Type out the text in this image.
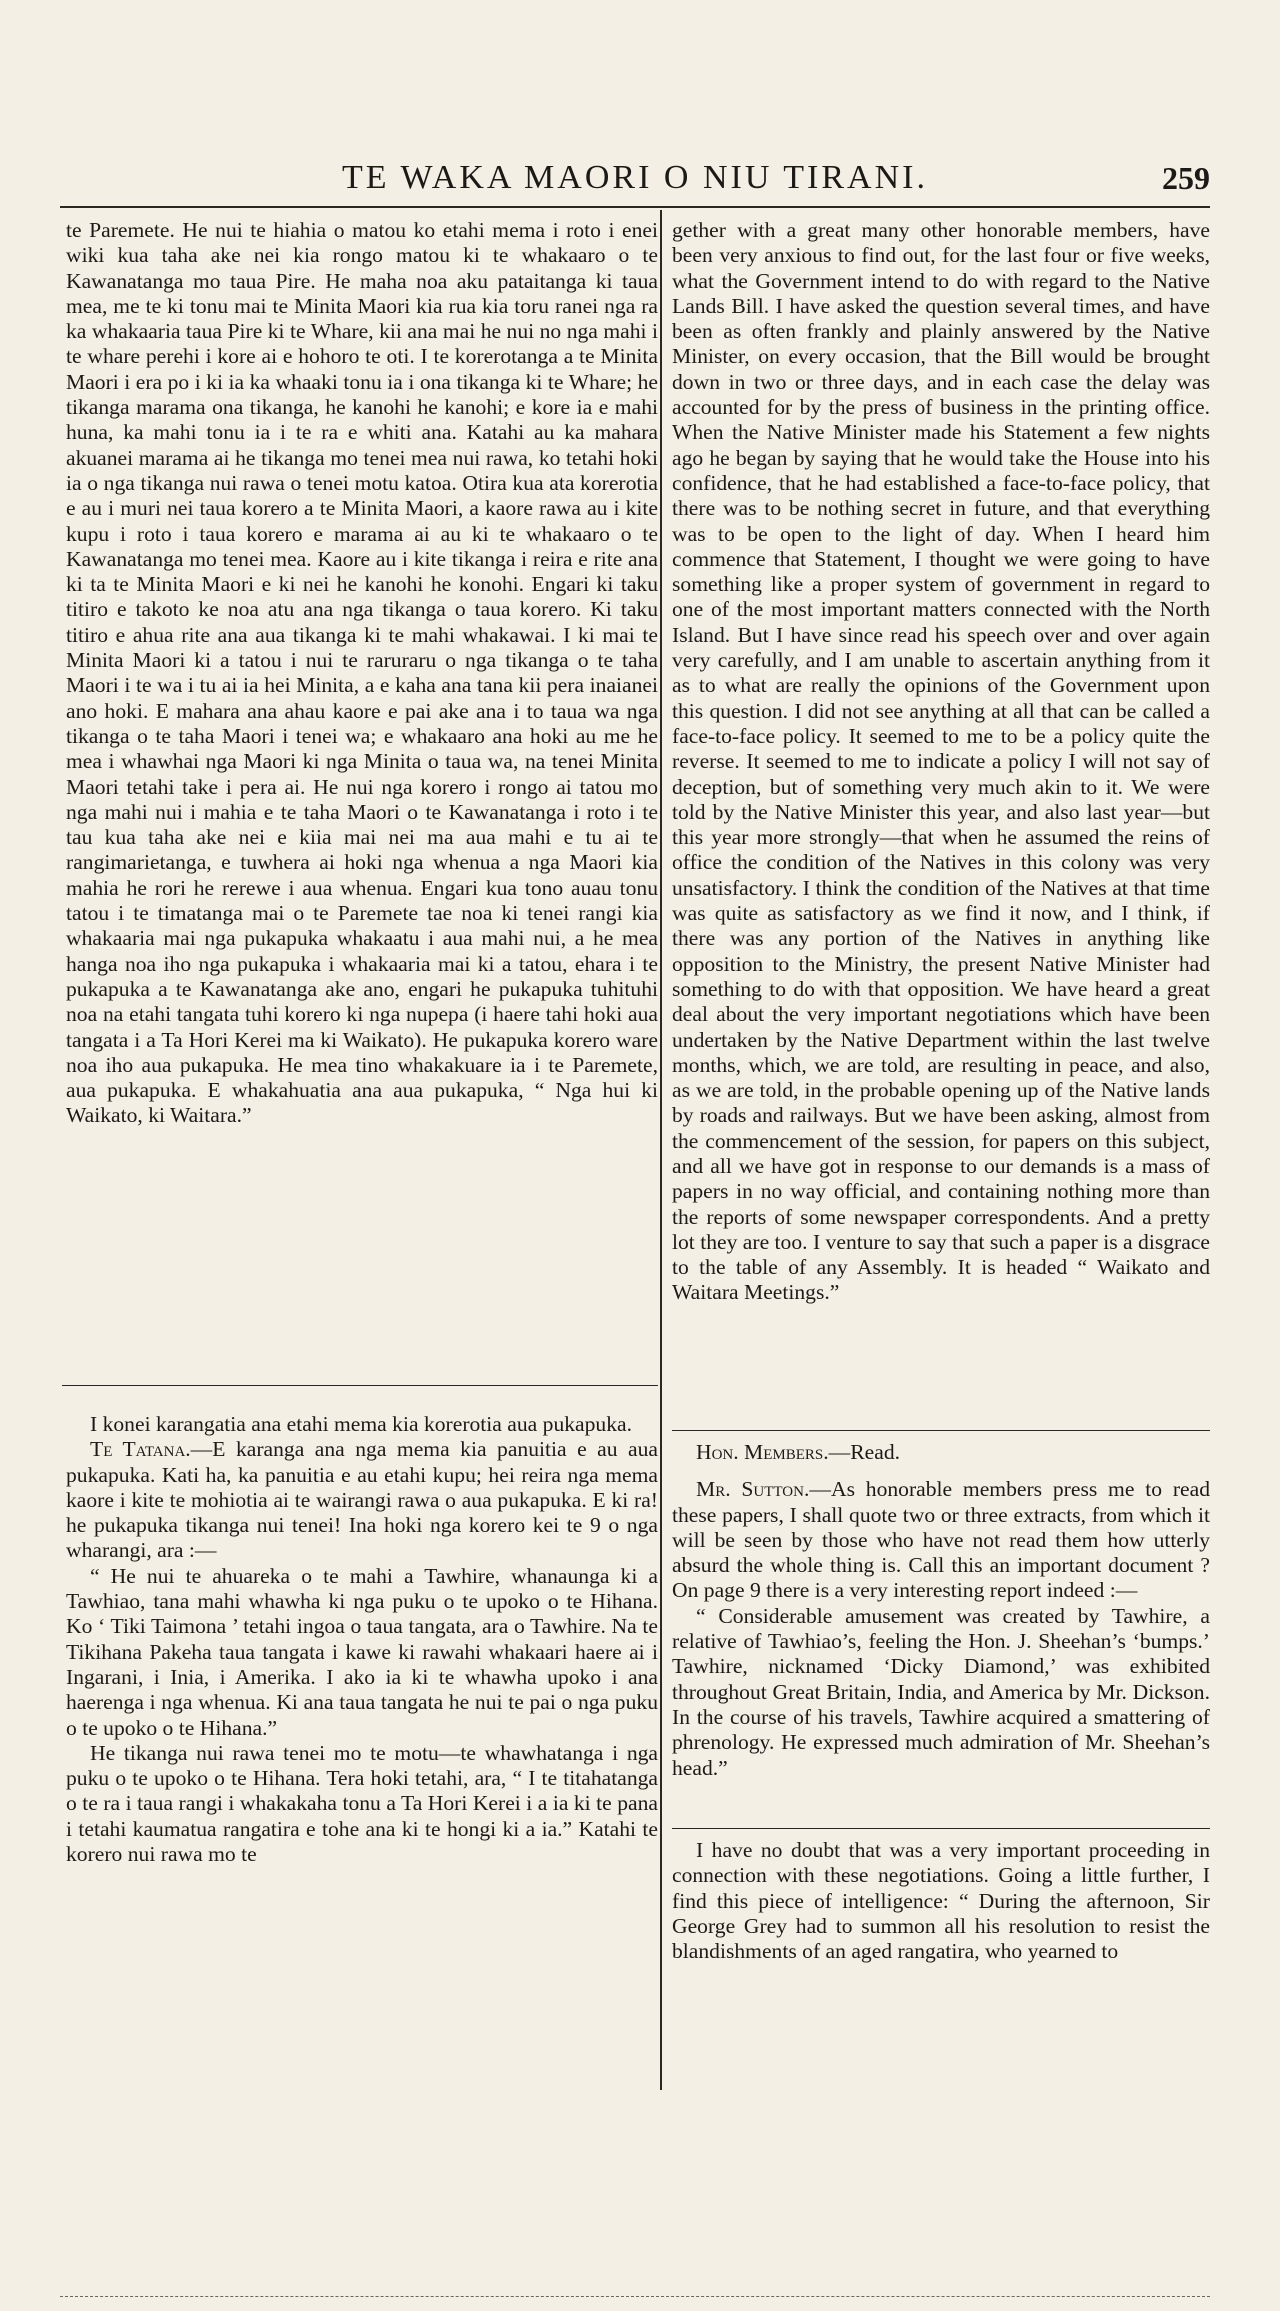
TE WAKA MAORI O NIU TIRANI.	259

te Paremete. He nui te hiahia o matou ko etahi mema i roto i enei wiki kua taha ake nei kia rongo matou ki te whakaaro o te Kawanatanga mo taua Pire. He maha noa aku pataitanga ki taua mea, me te ki tonu mai te Minita Maori kia rua kia toru ranei nga ra ka whakaaria taua Pire ki te Whare, kii ana mai he nui no nga mahi i te whare perehi i kore ai e hohoro te oti. I te korerotanga a te Minita Maori i era po i ki ia ka whaaki tonu ia i ona tikanga ki te Whare; he tikanga marama ona tikanga, he kanohi he kanohi; e kore ia e mahi huna, ka mahi tonu ia i te ra e whiti ana. Katahi au ka mahara akuanei marama ai he tikanga mo tenei mea nui rawa, ko tetahi hoki ia o nga tikanga nui rawa o tenei motu katoa. Otira kua ata korerotia e au i muri nei taua korero a te Minita Maori, a kaore rawa au i kite kupu i roto i taua korero e marama ai au ki te whakaaro o te Kawanatanga mo tenei mea. Kaore au i kite tikanga i reira e rite ana ki ta te Minita Maori e ki nei he kanohi he konohi. Engari ki taku titiro e takoto ke noa atu ana nga tikanga o taua korero. Ki taku titiro e ahua rite ana aua tikanga ki te mahi whakawai. I ki mai te Minita Maori ki a tatou i nui te raruraru o nga tikanga o te taha Maori i te wa i tu ai ia hei Minita, a e kaha ana tana kii pera inaianei ano hoki. E mahara ana ahau kaore e pai ake ana i to taua wa nga tikanga o te taha Maori i tenei wa; e whakaaro ana hoki au me he mea i whawhai nga Maori ki nga Minita o taua wa, na tenei Minita Maori tetahi take i pera ai. He nui nga korero i rongo ai tatou mo nga mahi nui i mahia e te taha Maori o te Kawanatanga i roto i te tau kua taha ake nei e kiia mai nei ma aua mahi e tu ai te rangimarietanga, e tuwhera ai hoki nga whenua a nga Maori kia mahia he rori he rerewe i aua whenua. Engari kua tono auau tonu tatou i te timatanga mai o te Paremete tae noa ki tenei rangi kia whakaaria mai nga pukapuka whakaatu i aua mahi nui, a he mea hanga noa iho nga pukapuka i whakaaria mai ki a tatou, ehara i te pukapuka a te Kawanatanga ake ano, engari he pukapuka tuhituhi noa na etahi tangata tuhi korero ki nga nupepa (i haere tahi hoki aua tangata i a Ta Hori Kerei ma ki Waikato). He pukapuka korero ware noa iho aua pukapuka. He mea tino whakakuare ia i te Paremete, aua pukapuka. E whakahuatia ana aua pukapuka, “ Nga hui ki Waikato, ki Waitara.”

I konei karangatia ana etahi mema kia korerotia aua pukapuka.

Te Tatana.—E karanga ana nga mema kia panuitia e au aua pukapuka. Kati ha, ka panuitia e au etahi kupu; hei reira nga mema kaore i kite te mohiotia ai te wairangi rawa o aua pukapuka. E ki ra! he pukapuka tikanga nui tenei! Ina hoki nga korero kei te 9 o nga wharangi, ara :—

“ He nui te ahuareka o te mahi a Tawhire, whanaunga ki a Tawhiao, tana mahi whawha ki nga puku o te upoko o te Hihana. Ko ‘ Tiki Taimona ’ tetahi ingoa o taua tangata, ara o Tawhire. Na te Tikihana Pakeha taua tangata i kawe ki rawahi whakaari haere ai i Ingarani, i Inia, i Amerika. I ako ia ki te whawha upoko i ana haerenga i nga whenua. Ki ana taua tangata he nui te pai o nga puku o te upoko o te Hihana.”

He tikanga nui rawa tenei mo te motu—te whawhatanga i nga puku o te upoko o te Hihana. Tera hoki tetahi, ara, “ I te titahatanga o te ra i taua rangi i whakakaha tonu a Ta Hori Kerei i a ia ki te pana i tetahi kaumatua rangatira e tohe ana ki te hongi ki a ia.” Katahi te korero nui rawa mo te

gether with a great many other honorable members, have been very anxious to find out, for the last four or five weeks, what the Government intend to do with regard to the Native Lands Bill. I have asked the question several times, and have been as often frankly and plainly answered by the Native Minister, on every occasion, that the Bill would be brought down in two or three days, and in each case the delay was accounted for by the press of business in the printing office. When the Native Minister made his Statement a few nights ago he began by saying that he would take the House into his confidence, that he had established a face-to-face policy, that there was to be nothing secret in future, and that everything was to be open to the light of day. When I heard him commence that Statement, I thought we were going to have something like a proper system of government in regard to one of the most important matters connected with the North Island. But I have since read his speech over and over again very carefully, and I am unable to ascertain anything from it as to what are really the opinions of the Government upon this question. I did not see anything at all that can be called a face-to-face policy. It seemed to me to be a policy quite the reverse. It seemed to me to indicate a policy I will not say of deception, but of something very much akin to it. We were told by the Native Minister this year, and also last year—but this year more strongly—that when he assumed the reins of office the condition of the Natives in this colony was very unsatisfactory. I think the condition of the Natives at that time was quite as satisfactory as we find it now, and I think, if there was any portion of the Natives in anything like opposition to the Ministry, the present Native Minister had something to do with that opposition. We have heard a great deal about the very important negotiations which have been undertaken by the Native Department within the last twelve months, which, we are told, are resulting in peace, and also, as we are told, in the probable opening up of the Native lands by roads and railways. But we have been asking, almost from the commencement of the session, for papers on this subject, and all we have got in response to our demands is a mass of papers in no way official, and containing nothing more than the reports of some newspaper correspondents. And a pretty lot they are too. I venture to say that such a paper is a disgrace to the table of any Assembly. It is headed “ Waikato and Waitara Meetings.”

Hon. Members.—Read.

Mr. Sutton.—As honorable members press me to read these papers, I shall quote two or three extracts, from which it will be seen by those who have not read them how utterly absurd the whole thing is. Call this an important document ? On page 9 there is a very interesting report indeed :—

“ Considerable amusement was created by Tawhire, a relative of Tawhiao’s, feeling the Hon. J. Sheehan’s ‘bumps.’ Tawhire, nicknamed ‘Dicky Diamond,’ was exhibited throughout Great Britain, India, and America by Mr. Dickson. In the course of his travels, Tawhire acquired a smattering of phrenology. He expressed much admiration of Mr. Sheehan’s head.”

I have no doubt that was a very important proceeding in connection with these negotiations. Going a little further, I find this piece of intelligence: “ During the afternoon, Sir George Grey had to summon all his resolution to resist the blandishments of an aged rangatira, who yearned to
